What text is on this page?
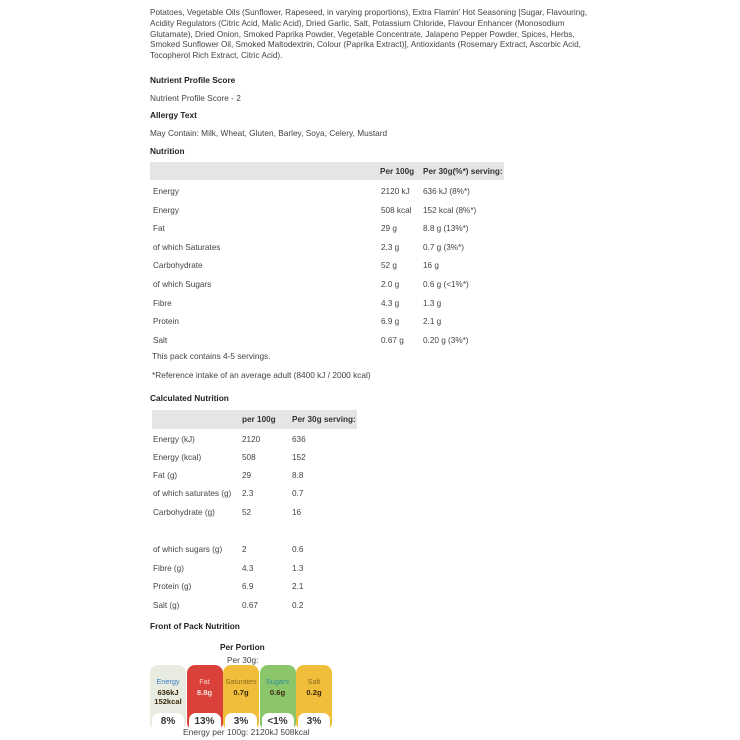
Potatoes, Vegetable Oils (Sunflower, Rapeseed, in varying proportions), Extra Flamin' Hot Seasoning [Sugar, Flavouring, Acidity Regulators (Citric Acid, Malic Acid), Dried Garlic, Salt, Potassium Chloride, Flavour Enhancer (Monosodium Glutamate), Dried Onion, Smoked Paprika Powder, Vegetable Concentrate, Jalapeno Pepper Powder, Spices, Herbs, Smoked Sunflower Oil, Smoked Maltodextrin, Colour (Paprika Extract)], Antioxidants (Rosemary Extract, Ascorbic Acid, Tocopherol Rich Extract, Citric Acid).
Nutrient Profile Score
Nutrient Profile Score - 2
Allergy Text
May Contain: Milk, Wheat, Gluten, Barley, Soya, Celery, Mustard
Nutrition
Per 100g Per 30g(%*) serving:
Energy	2120 kJ 636 kJ (8%*)
Energy	508 kcal 152 kcal (8%*)
Fat	29 g	8.8 g (13%*)
of which Saturates	2.3 g	0.7 g (3%*)
Carbohydrate	52 g	16 g
of which Sugars	2.0 g	0.6 g (<1%*)
Fibre	4.3 g	1.3 g
Protein	6.9 g	2.1 g
Salt	0.67 g 0.20 g (3%*)
This pack contains 4-5 servings.
*Reference intake of an average adult (8400 kJ / 2000 kcal)
Calculated Nutrition
per 100g Per 30g serving:
Energy (kJ)	2120	636
Energy (kcal)	508	152
Fat (g)	29	8.8
of which saturates (g) 2.3	0.7
Carbohydrate (g)	52	16
of which sugars (g) 2	0.6
Fibre (g)	4.3	1.3
Protein (g)	6.9	2.1
Salt (g)	0.67	0.2
Front of Pack Nutrition
Per Portion
Per 30g:
Energy
636kJ
152kcal
8%
Fat
8.8g
13%
Saturates
0.7g
3%
Sugars
0.6g
<1%
Salt
0.2g
3%
Energy per 100g: 2120kJ 508kcal
